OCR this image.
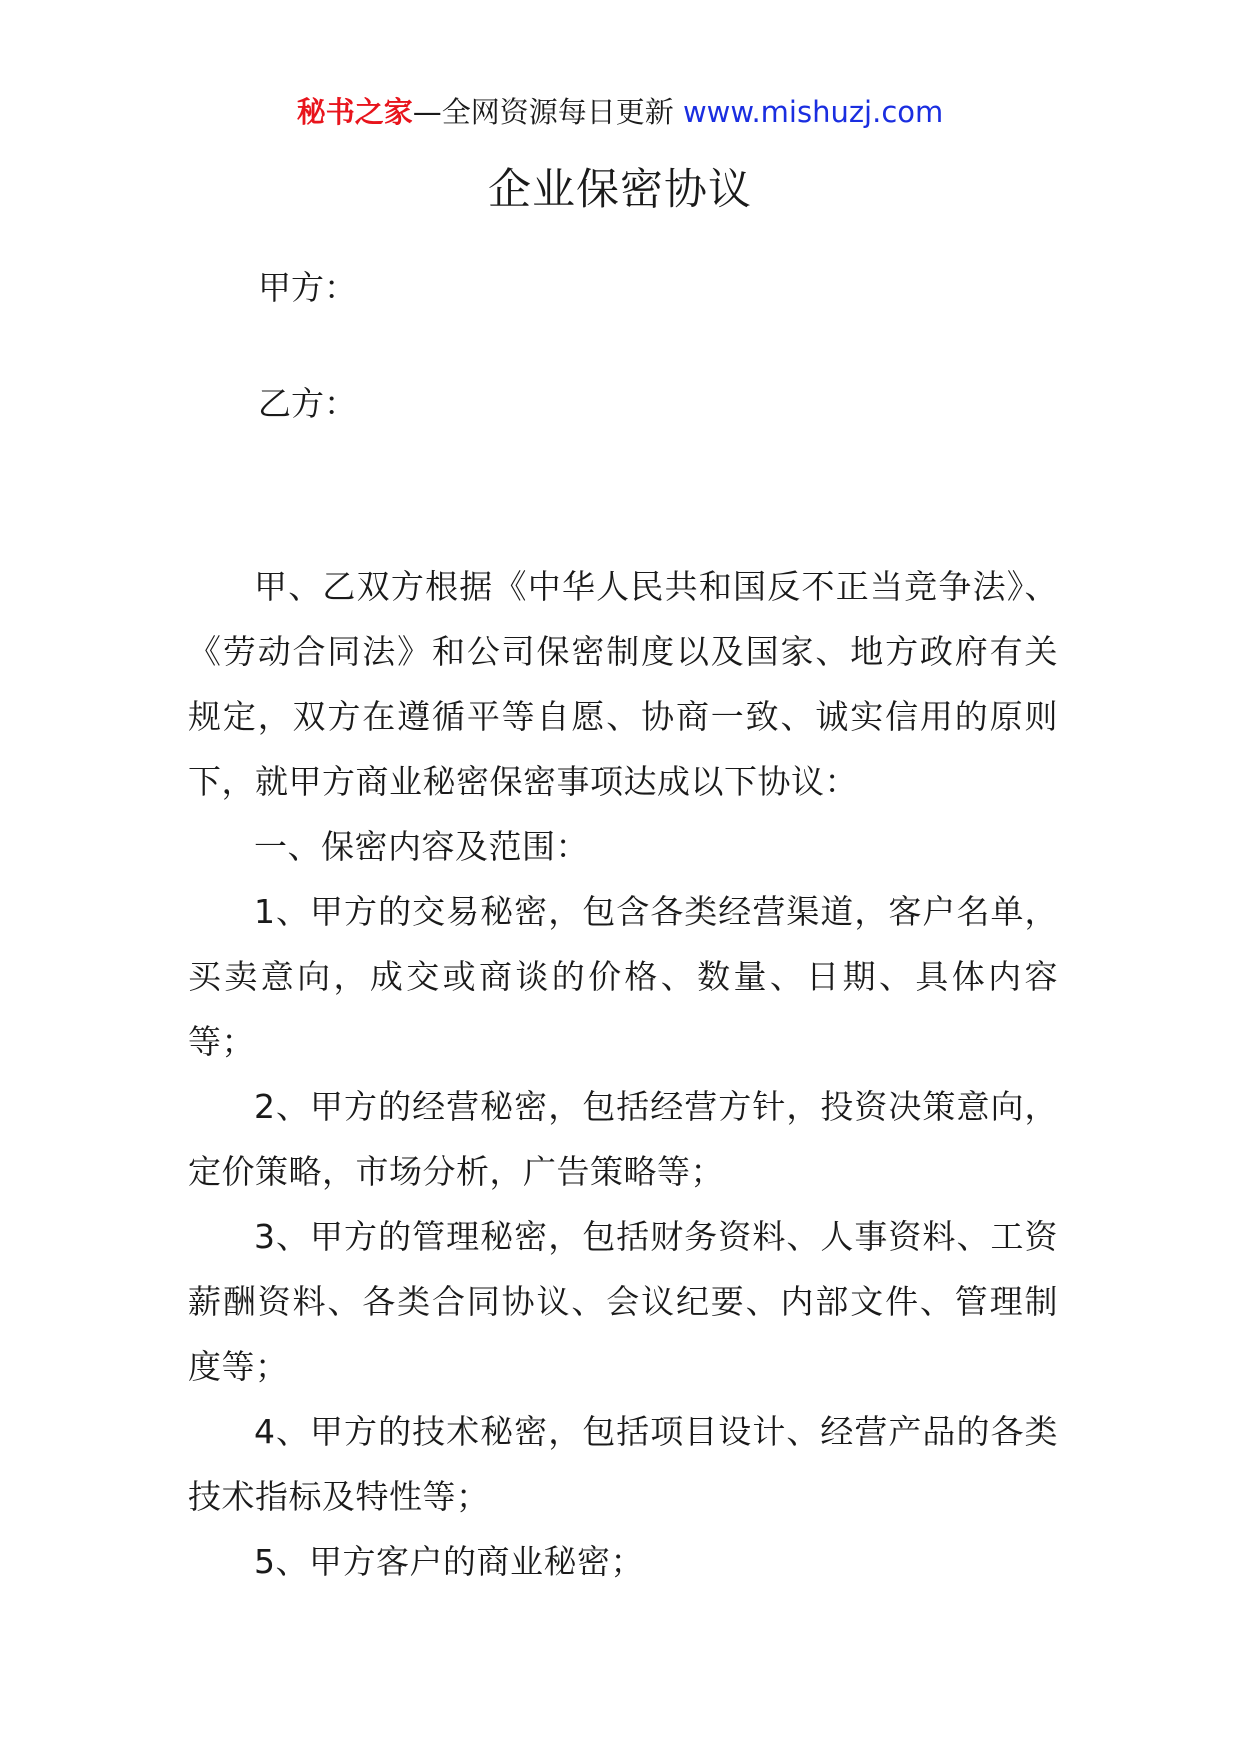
秘书之家—全网资源每日更新 www.mishuzj.com
企业保密协议
甲方：
乙方：

甲、乙双方根据《中华人民共和国反不正当竞争法》、《劳动合同法》和公司保密制度以及国家、地方政府有关规定，双方在遵循平等自愿、协商一致、诚实信用的原则下，就甲方商业秘密保密事项达成以下协议：

一、保密内容及范围：

1、甲方的交易秘密，包含各类经营渠道，客户名单，买卖意向，成交或商谈的价格、数量、日期、具体内容等；

2、甲方的经营秘密，包括经营方针，投资决策意向，定价策略，市场分析，广告策略等；

3、甲方的管理秘密，包括财务资料、人事资料、工资薪酬资料、各类合同协议、会议纪要、内部文件、管理制度等；

4、甲方的技术秘密，包括项目设计、经营产品的各类技术指标及特性等；

5、甲方客户的商业秘密；
